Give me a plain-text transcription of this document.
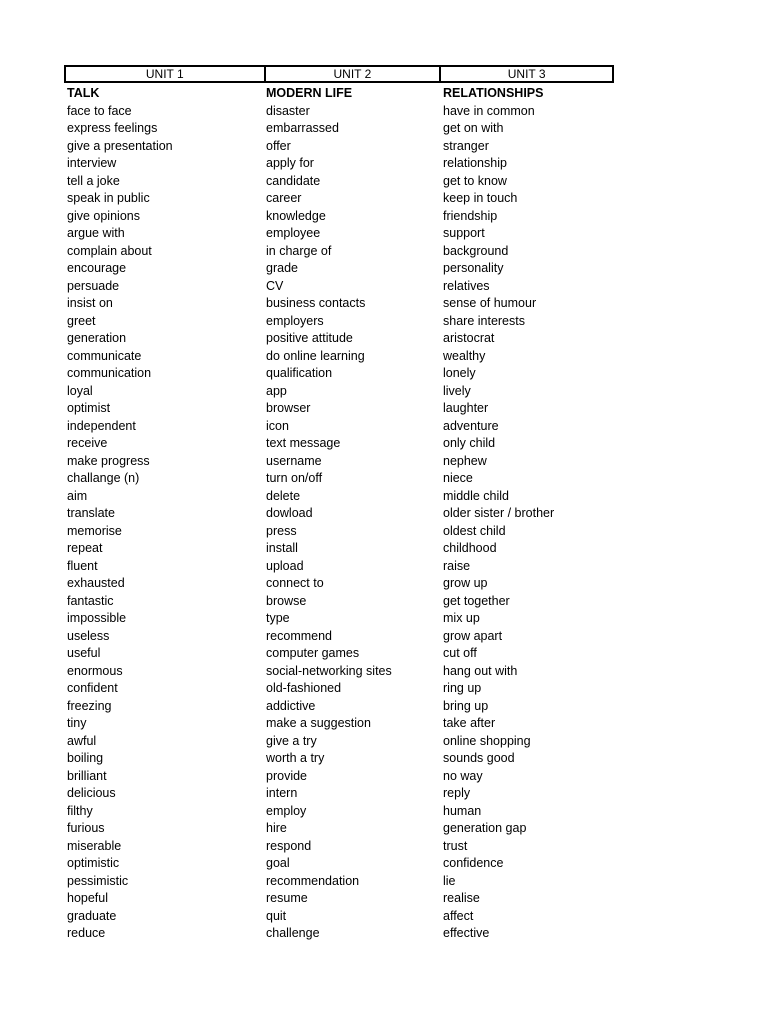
UNIT 1	UNIT 2	UNIT 3
TALK
face to face
express feelings
give a presentation
interview
tell a joke
speak in public
give opinions
argue with
complain about
encourage
persuade
insist on
greet
generation
communicate
communication
loyal
optimist
independent
receive
make progress
challange (n)
aim
translate
memorise
repeat
fluent
exhausted
fantastic
impossible
useless
useful
enormous
confident
freezing
tiny
awful
boiling
brilliant
delicious
filthy
furious
miserable
optimistic
pessimistic
hopeful
graduate
reduce
MODERN LIFE
disaster
embarrassed
offer
apply for
candidate
career
knowledge
employee
in charge of
grade
CV
business contacts
employers
positive attitude
do online learning
qualification
app
browser
icon
text message
username
turn on/off
delete
dowload
press
install
upload
connect to
browse
type
recommend
computer games
social-networking sites
old-fashioned
addictive
make a suggestion
give a try
worth a try
provide
intern
employ
hire
respond
goal
recommendation
resume
quit
challenge
RELATIONSHIPS
have in common
get on with
stranger
relationship
get to know
keep in touch
friendship
support
background
personality
relatives
sense of humour
share interests
aristocrat
wealthy
lonely
lively
laughter
adventure
only child
nephew
niece
middle child
older sister / brother
oldest child
childhood
raise
grow up
get together
mix up
grow apart
cut off
hang out with
ring up
bring up
take after
online shopping
sounds good
no way
reply
human
generation gap
trust
confidence
lie
realise
affect
effective
